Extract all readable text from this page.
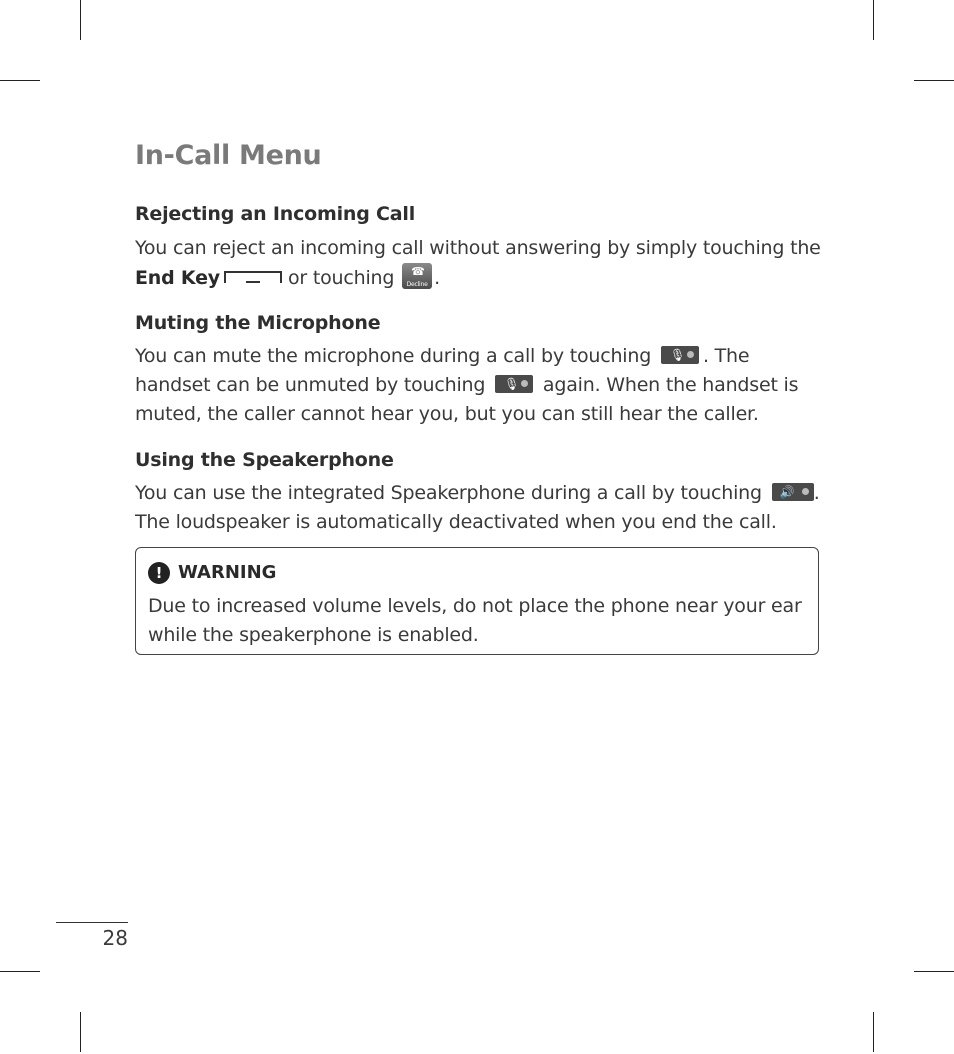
In-Call Menu
Rejecting an Incoming Call

You can reject an incoming call without answering by simply touching the End Key	or touching ☎
Decline .

Muting the Microphone

You can mute the microphone during a call by touching 🎙 . The handset can be unmuted by touching 🎙 again. When the handset is muted, the caller cannot hear you, but you can still hear the caller.

Using the Speakerphone

You can use the integrated Speakerphone during a call by touching 🔊 . The loudspeaker is automatically deactivated when you end the call.

! WARNING

Due to increased volume levels, do not place the phone near your ear while the speakerphone is enabled.

28
